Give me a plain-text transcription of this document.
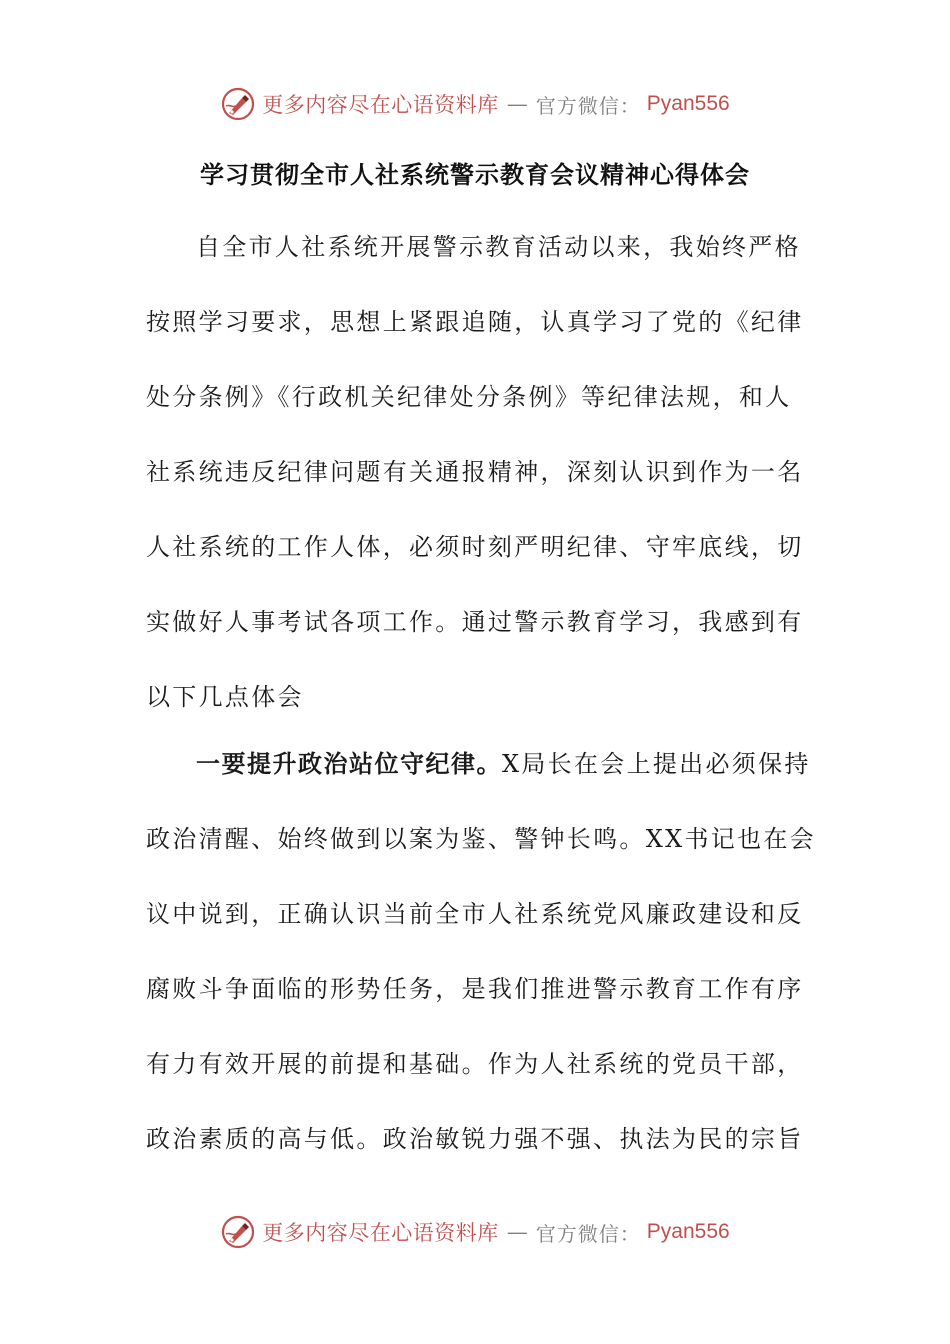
更多内容尽在心语资料库 — 官方微信： Pyan556
学习贯彻全市人社系统警示教育会议精神心得体会
自全市人社系统开展警示教育活动以来，我始终严格
按照学习要求，思想上紧跟追随，认真学习了党的《纪律
处分条例》《行政机关纪律处分条例》等纪律法规，和人
社系统违反纪律问题有关通报精神，深刻认识到作为一名
人社系统的工作人体，必须时刻严明纪律、守牢底线，切
实做好人事考试各项工作。通过警示教育学习，我感到有
以下几点体会
一要提升政治站位守纪律。X局长在会上提出必须保持
政治清醒、始终做到以案为鉴、警钟长鸣。XX书记也在会
议中说到，正确认识当前全市人社系统党风廉政建设和反
腐败斗争面临的形势任务，是我们推进警示教育工作有序
有力有效开展的前提和基础。作为人社系统的党员干部，
政治素质的高与低。政治敏锐力强不强、执法为民的宗旨
更多内容尽在心语资料库 — 官方微信： Pyan556
